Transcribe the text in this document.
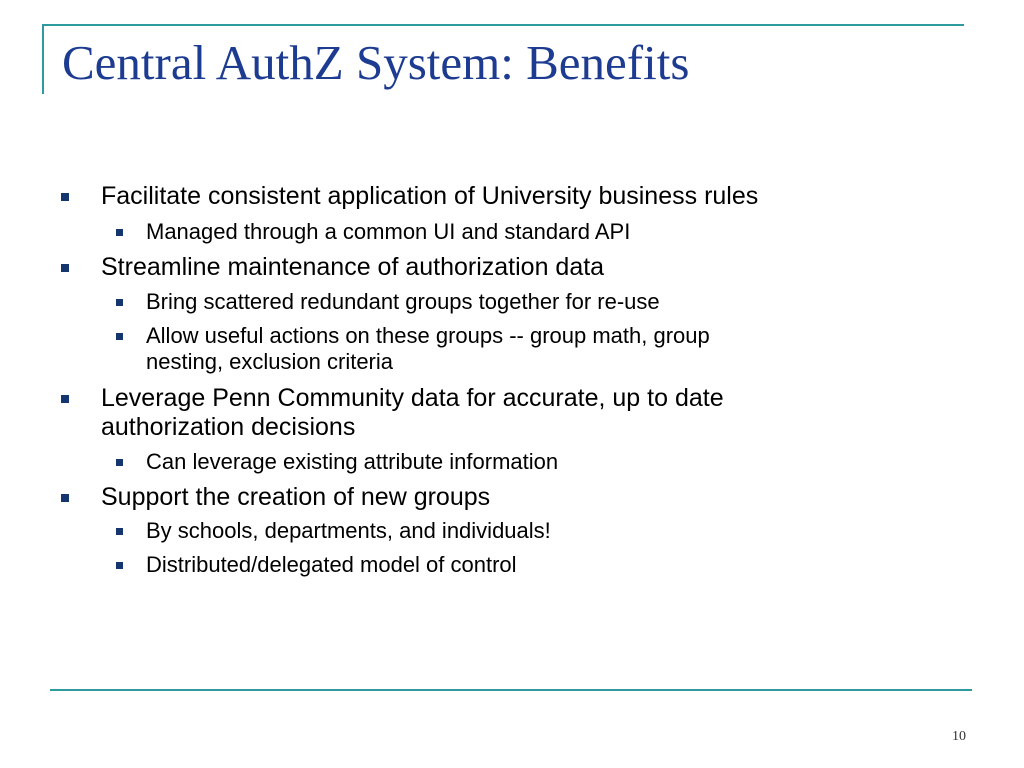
Central AuthZ System: Benefits
Facilitate consistent application of University business rules
Managed through a common UI and standard API
Streamline maintenance of authorization data
Bring scattered redundant groups together for re-use
Allow useful actions on these groups -- group math, group
nesting, exclusion criteria
Leverage Penn Community data for accurate, up to date
authorization decisions
Can leverage existing attribute information
Support the creation of new groups
By schools, departments, and individuals!
Distributed/delegated model of control
10
